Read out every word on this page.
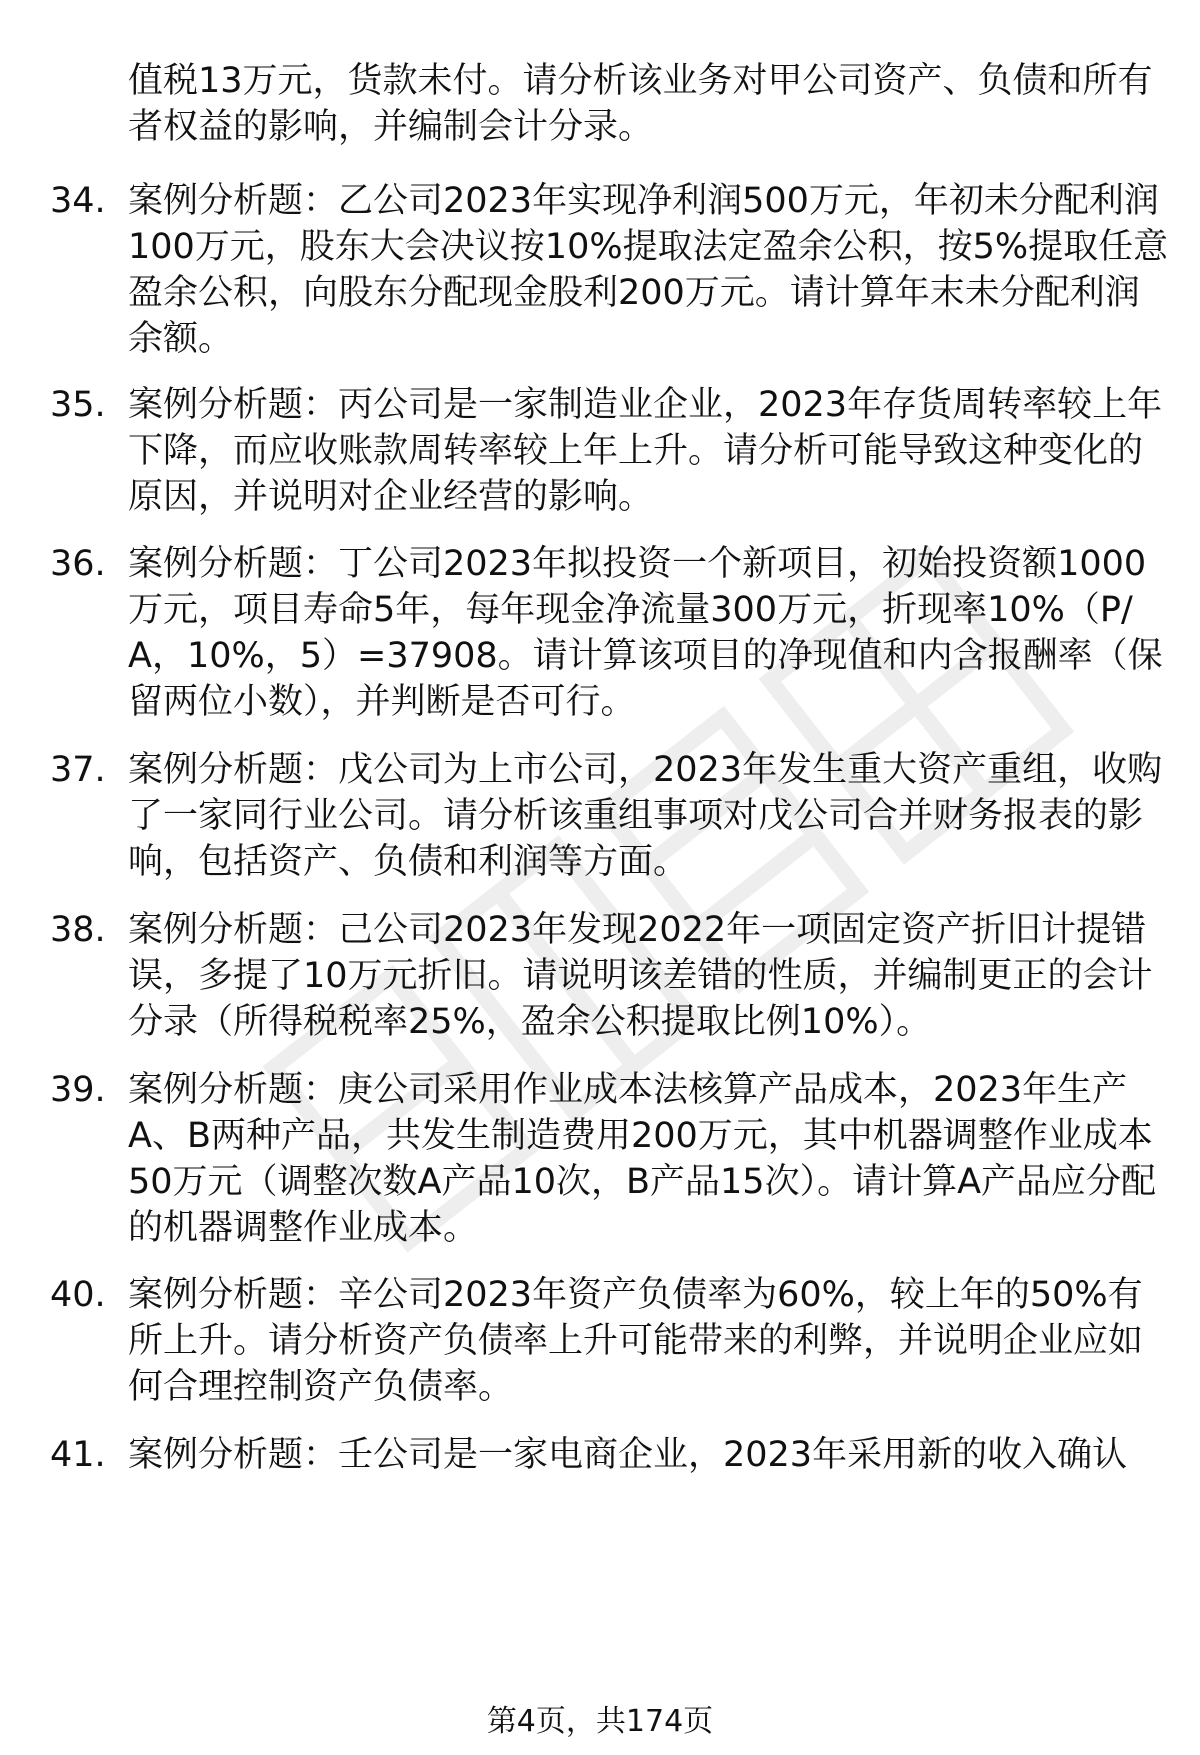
值税13万元，货款未付。请分析该业务对甲公司资产、负债和所有者权益的影响，并编制会计分录。
34. 案例分析题：乙公司2023年实现净利润500万元，年初未分配利润100万元，股东大会决议按10%提取法定盈余公积，按5%提取任意盈余公积，向股东分配现金股利200万元。请计算年末未分配利润余额。
35. 案例分析题：丙公司是一家制造业企业，2023年存货周转率较上年下降，而应收账款周转率较上年上升。请分析可能导致这种变化的原因，并说明对企业经营的影响。
36. 案例分析题：丁公司2023年拟投资一个新项目，初始投资额1000万元，项目寿命5年，每年现金净流量300万元，折现率10%（P/A，10%，5）=37908。请计算该项目的净现值和内含报酬率（保留两位小数），并判断是否可行。
37. 案例分析题：戊公司为上市公司，2023年发生重大资产重组，收购了一家同行业公司。请分析该重组事项对戊公司合并财务报表的影响，包括资产、负债和利润等方面。
38. 案例分析题：己公司2023年发现2022年一项固定资产折旧计提错误，多提了10万元折旧。请说明该差错的性质，并编制更正的会计分录（所得税税率25%，盈余公积提取比例10%）。
39. 案例分析题：庚公司采用作业成本法核算产品成本，2023年生产A、B两种产品，共发生制造费用200万元，其中机器调整作业成本50万元（调整次数A产品10次，B产品15次）。请计算A产品应分配的机器调整作业成本。
40. 案例分析题：辛公司2023年资产负债率为60%，较上年的50%有所上升。请分析资产负债率上升可能带来的利弊，并说明企业应如何合理控制资产负债率。
41. 案例分析题：壬公司是一家电商企业，2023年采用新的收入确认
第4页，共174页
